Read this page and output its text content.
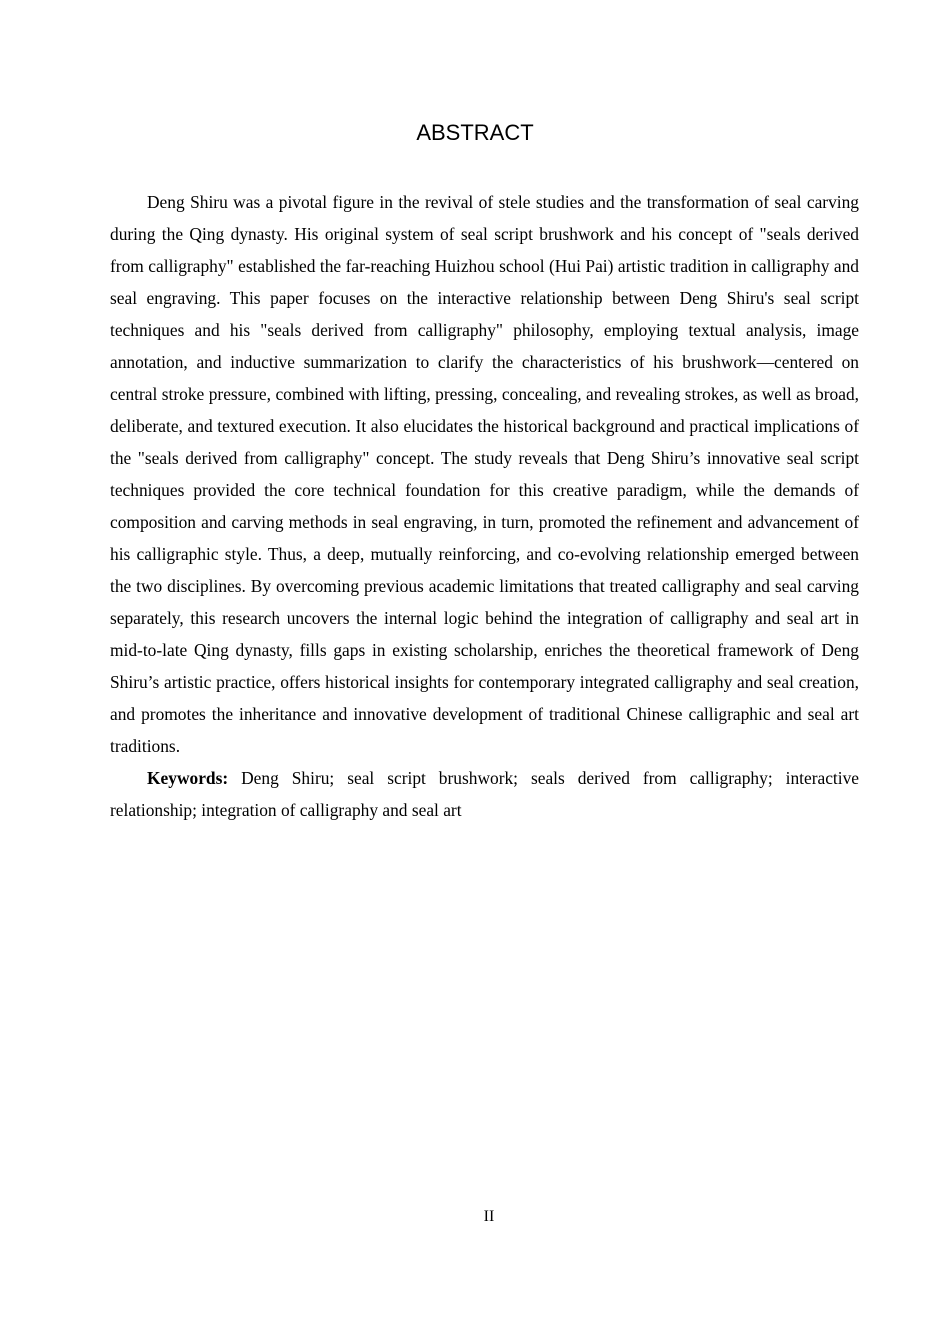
ABSTRACT

Deng Shiru was a pivotal figure in the revival of stele studies and the transformation of seal carving during the Qing dynasty. His original system of seal script brushwork and his concept of "seals derived from calligraphy" established the far-reaching Huizhou school (Hui Pai) artistic tradition in calligraphy and seal engraving. This paper focuses on the interactive relationship between Deng Shiru's seal script techniques and his "seals derived from calligraphy" philosophy, employing textual analysis, image annotation, and inductive summarization to clarify the characteristics of his brushwork—centered on central stroke pressure, combined with lifting, pressing, concealing, and revealing strokes, as well as broad, deliberate, and textured execution. It also elucidates the historical background and practical implications of the "seals derived from calligraphy" concept. The study reveals that Deng Shiru’s innovative seal script techniques provided the core technical foundation for this creative paradigm, while the demands of composition and carving methods in seal engraving, in turn, promoted the refinement and advancement of his calligraphic style. Thus, a deep, mutually reinforcing, and co-evolving relationship emerged between the two disciplines. By overcoming previous academic limitations that treated calligraphy and seal carving separately, this research uncovers the internal logic behind the integration of calligraphy and seal art in mid-to-late Qing dynasty, fills gaps in existing scholarship, enriches the theoretical framework of Deng Shiru’s artistic practice, offers historical insights for contemporary integrated calligraphy and seal creation, and promotes the inheritance and innovative development of traditional Chinese calligraphic and seal art traditions.

Keywords: Deng Shiru; seal script brushwork; seals derived from calligraphy; interactive relationship; integration of calligraphy and seal art

II
